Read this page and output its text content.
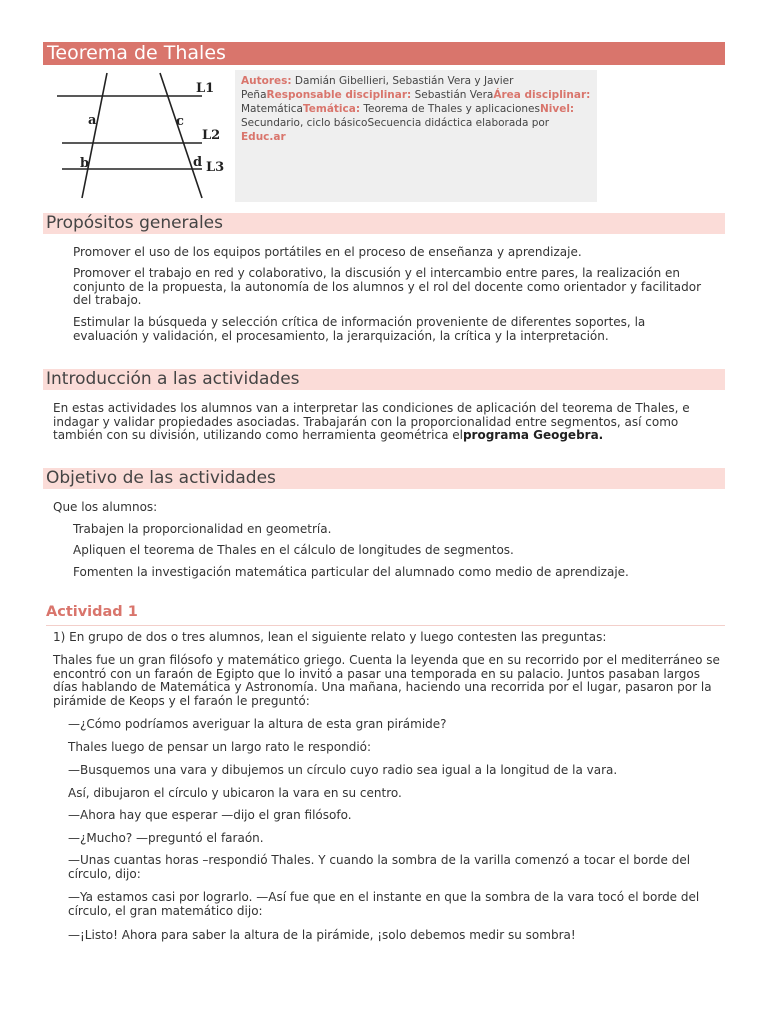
Teorema de Thales
L1
L2
L3
a	c
b	d
Autores: Damián Gibellieri, Sebastián Vera y Javier PeñaResponsable disciplinar: Sebastián VeraÁrea disciplinar: MatemáticaTemática: Teorema de Thales y aplicacionesNivel: Secundario, ciclo básicoSecuencia didáctica elaborada por Educ.ar
Propósitos generales
Promover el uso de los equipos portátiles en el proceso de enseñanza y aprendizaje.
Promover el trabajo en red y colaborativo, la discusión y el intercambio entre pares, la realización en conjunto de la propuesta, la autonomía de los alumnos y el rol del docente como orientador y facilitador del trabajo.
Estimular la búsqueda y selección crítica de información proveniente de diferentes soportes, la evaluación y validación, el procesamiento, la jerarquización, la crítica y la interpretación.
Introducción a las actividades
En estas actividades los alumnos van a interpretar las condiciones de aplicación del teorema de Thales, e indagar y validar propiedades asociadas. Trabajarán con la proporcionalidad entre segmentos, así como también con su división, utilizando como herramienta geométrica elprograma Geogebra.
Objetivo de las actividades
Que los alumnos:
Trabajen la proporcionalidad en geometría.
Apliquen el teorema de Thales en el cálculo de longitudes de segmentos.
Fomenten la investigación matemática particular del alumnado como medio de aprendizaje.
Actividad 1
1) En grupo de dos o tres alumnos, lean el siguiente relato y luego contesten las preguntas:
Thales fue un gran filósofo y matemático griego. Cuenta la leyenda que en su recorrido por el mediterráneo se encontró con un faraón de Egipto que lo invitó a pasar una temporada en su palacio. Juntos pasaban largos días hablando de Matemática y Astronomía. Una mañana, haciendo una recorrida por el lugar, pasaron por la pirámide de Keops y el faraón le preguntó:
—¿Cómo podríamos averiguar la altura de esta gran pirámide?
Thales luego de pensar un largo rato le respondió:
—Busquemos una vara y dibujemos un círculo cuyo radio sea igual a la longitud de la vara.
Así, dibujaron el círculo y ubicaron la vara en su centro.
—Ahora hay que esperar —dijo el gran filósofo.
—¿Mucho? —preguntó el faraón.
—Unas cuantas horas –respondió Thales. Y cuando la sombra de la varilla comenzó a tocar el borde del círculo, dijo:
—Ya estamos casi por lograrlo. —Así fue que en el instante en que la sombra de la vara tocó el borde del círculo, el gran matemático dijo:
—¡Listo! Ahora para saber la altura de la pirámide, ¡solo debemos medir su sombra!
